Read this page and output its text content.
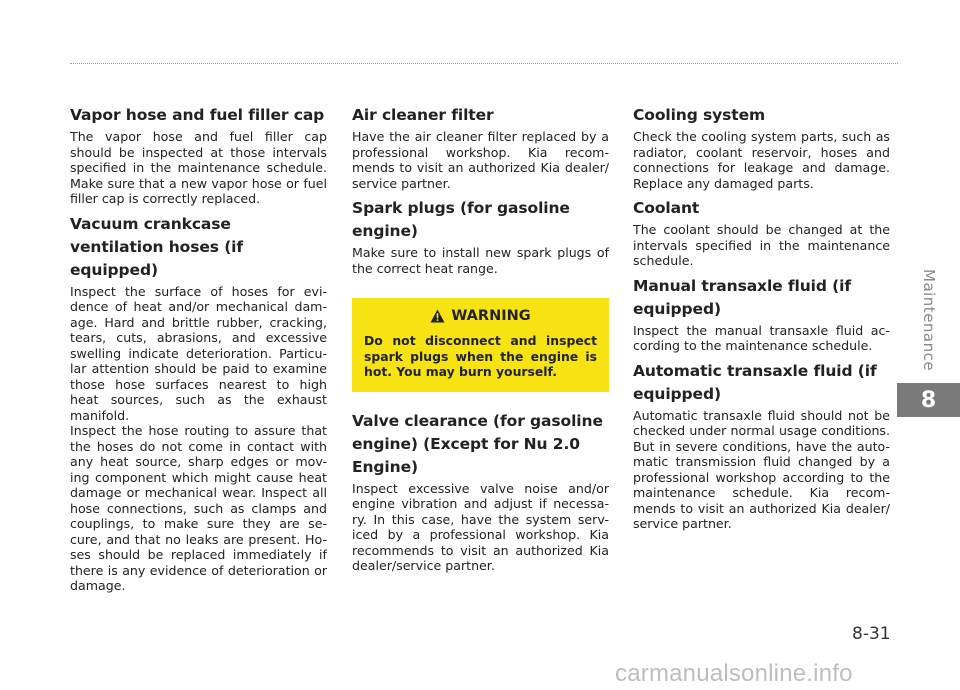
Vapor hose and fuel filler cap

The vapor hose and fuel filler cap should be inspected at those intervals specified in the maintenance schedule. Make sure that a new vapor hose or fuel filler cap is correctly replaced.

Vacuum crankcase ventilation hoses (if equipped)

Inspect the surface of hoses for evi-dence of heat and/or mechanical dam-age. Hard and brittle rubber, cracking, tears, cuts, abrasions, and excessive swelling indicate deterioration. Particu-lar attention should be paid to examine those hose surfaces nearest to high heat sources, such as the exhaust manifold.
Inspect the hose routing to assure that the hoses do not come in contact with any heat source, sharp edges or mov-ing component which might cause heat damage or mechanical wear. Inspect all hose connections, such as clamps and couplings, to make sure they are se-cure, and that no leaks are present. Ho-ses should be replaced immediately if there is any evidence of deterioration or damage.

Air cleaner filter

Have the air cleaner filter replaced by a professional workshop. Kia recom-mends to visit an authorized Kia dealer/ service partner.

Spark plugs (for gasoline engine)

Make sure to install new spark plugs of the correct heat range.

WARNING
Do not disconnect and inspect spark plugs when the engine is hot. You may burn yourself.
Valve clearance (for gasoline engine) (Except for Nu 2.0 Engine)

Inspect excessive valve noise and/or engine vibration and adjust if necessa-ry. In this case, have the system serv-iced by a professional workshop. Kia recommends to visit an authorized Kia dealer/service partner.

Cooling system

Check the cooling system parts, such as radiator, coolant reservoir, hoses and connections for leakage and damage. Replace any damaged parts.

Coolant

The coolant should be changed at the intervals specified in the maintenance schedule.

Manual transaxle fluid (if equipped)

Inspect the manual transaxle fluid ac-cording to the maintenance schedule.

Automatic transaxle fluid (if equipped)

Automatic transaxle fluid should not be checked under normal usage conditions. But in severe conditions, have the auto-matic transmission fluid changed by a professional workshop according to the maintenance schedule. Kia recom-mends to visit an authorized Kia dealer/ service partner.

Maintenance
8
8-31
carmanualsonline.info
